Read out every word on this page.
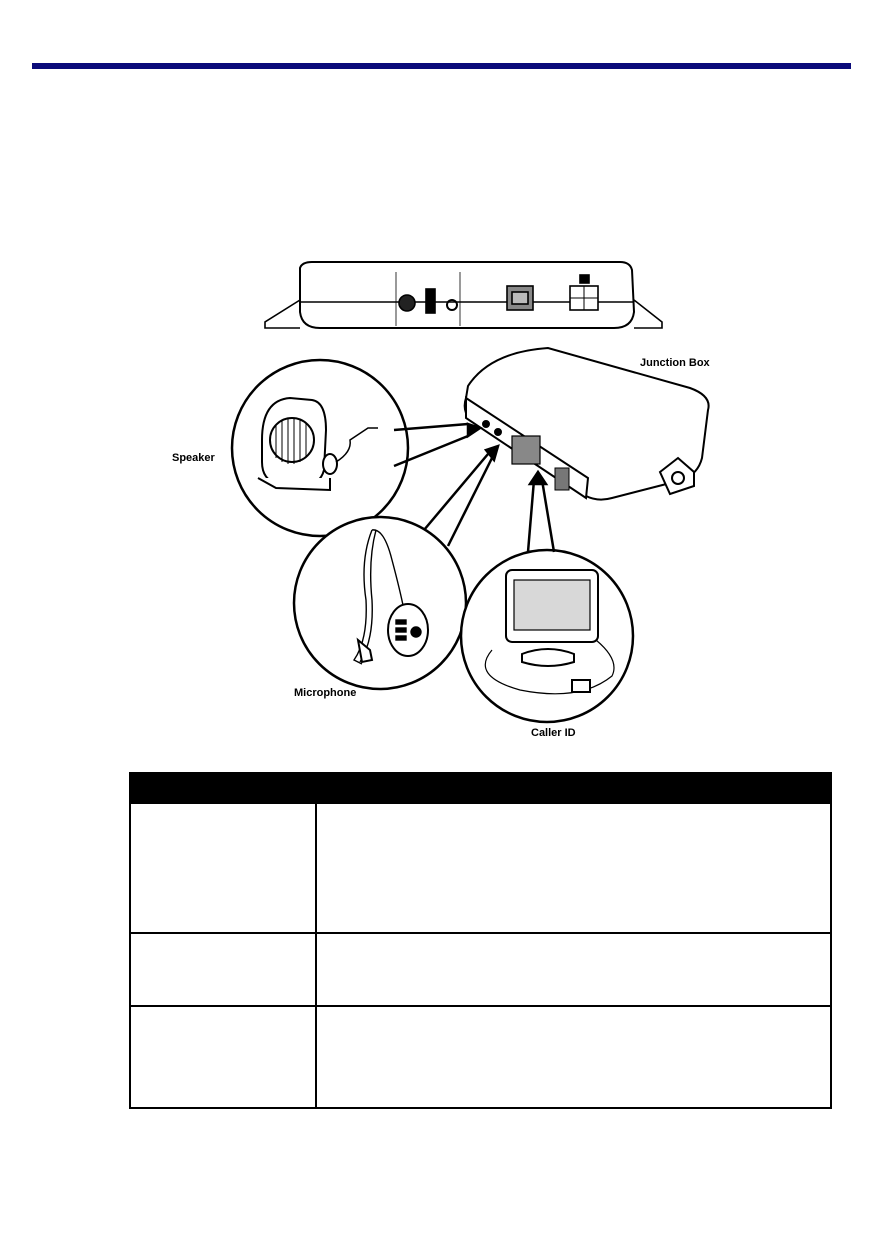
Junction Box
Speaker
Microphone
Caller ID
